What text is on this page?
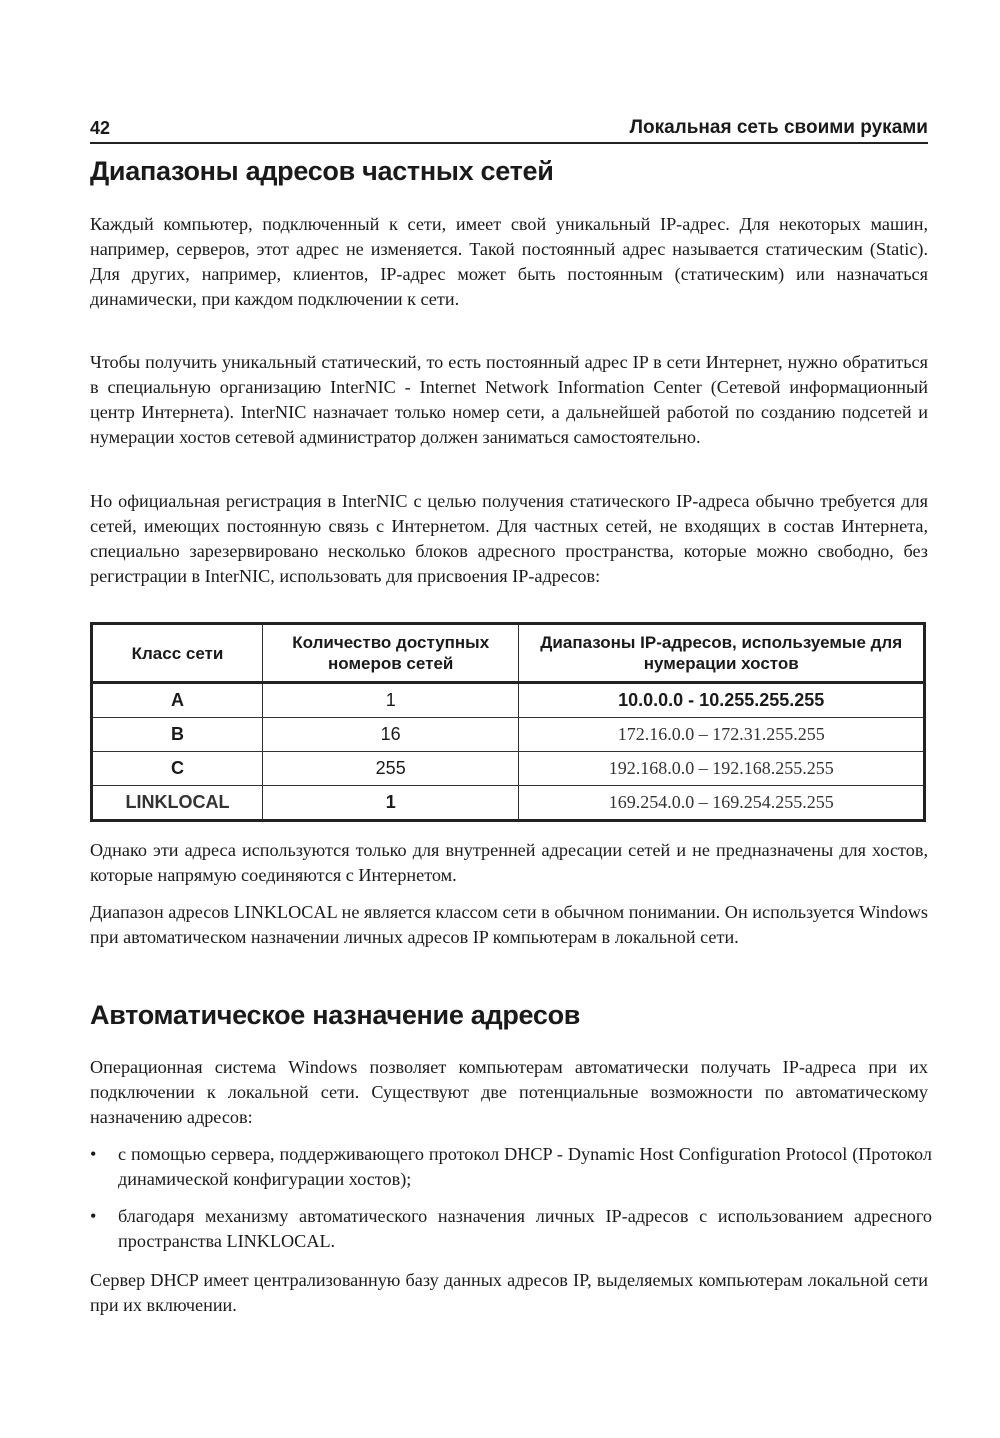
42	Локальная сеть своими руками
Диапазоны адресов частных сетей

Каждый компьютер, подключенный к сети, имеет свой уникальный IP-адрес. Для некоторых машин, например, серверов, этот адрес не изменяется. Такой постоянный адрес называется статическим (Static). Для других, например, клиентов, IP-адрес может быть постоянным (статическим) или назначаться динамически, при каждом подключении к сети.

Чтобы получить уникальный статический, то есть постоянный адрес IP в сети Интернет, нужно обратиться в специальную организацию InterNIC - Internet Network Information Center (Сетевой информационный центр Интернета). InterNIC назначает только номер сети, а дальнейшей работой по созданию подсетей и нумерации хостов сетевой администратор должен заниматься самостоятельно.

Но официальная регистрация в InterNIC с целью получения статического IP-адреса обычно требуется для сетей, имеющих постоянную связь с Интернетом. Для частных сетей, не входящих в состав Интернета, специально зарезервировано несколько блоков адресного пространства, которые можно свободно, без регистрации в InterNIC, использовать для присвоения IP-адресов:

Класс сети	Количество доступных номеров сетей	Диапазоны IP-адресов, используемые для нумерации хостов
A	1	10.0.0.0 - 10.255.255.255
B	16	172.16.0.0 – 172.31.255.255
C	255	192.168.0.0 – 192.168.255.255
LINKLOCAL	1	169.254.0.0 – 169.254.255.255

Однако эти адреса используются только для внутренней адресации сетей и не предназначены для хостов, которые напрямую соединяются с Интернетом.

Диапазон адресов LINKLOCAL не является классом сети в обычном понимании. Он используется Windows при автоматическом назначении личных адресов IP компьютерам в локальной сети.

Автоматическое назначение адресов

Операционная система Windows позволяет компьютерам автоматически получать IP-адреса при их подключении к локальной сети. Существуют две потенциальные возможности по автоматическому назначению адресов:

• с помощью сервера, поддерживающего протокол DHCP - Dynamic Host Configuration Protocol (Протокол динамической конфигурации хостов);
• благодаря механизму автоматического назначения личных IP-адресов с использованием адресного пространства LINKLOCAL.

Сервер DHCP имеет централизованную базу данных адресов IP, выделяемых компьютерам локальной сети при их включении.
